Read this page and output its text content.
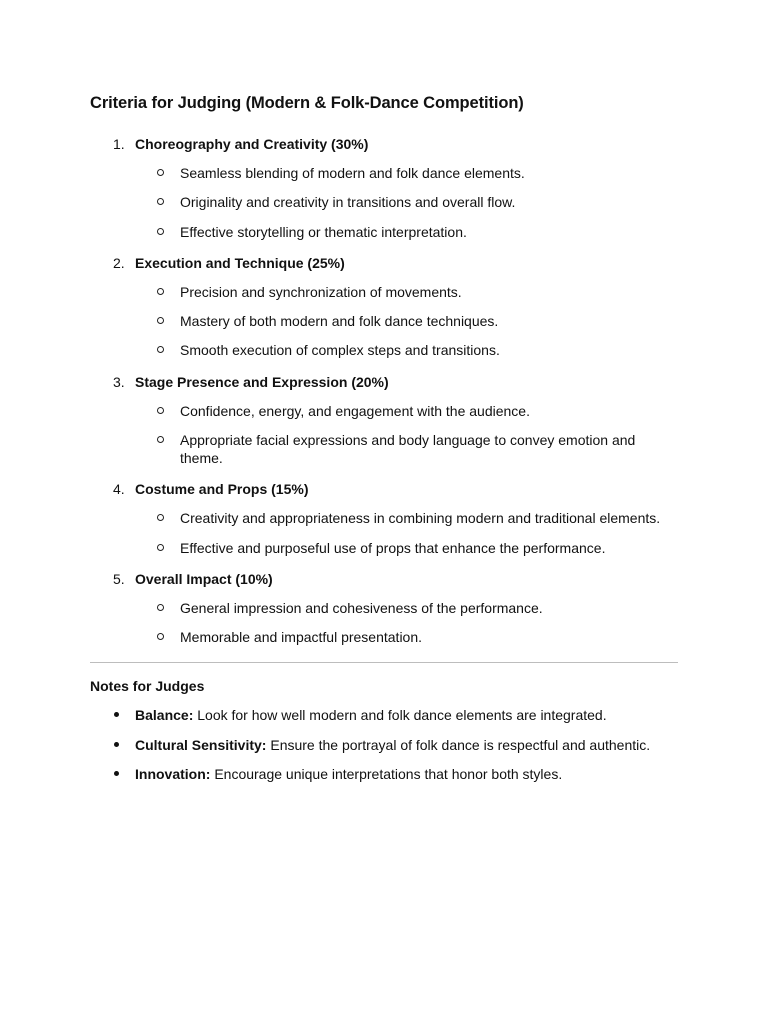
Criteria for Judging (Modern & Folk-Dance Competition)
1. Choreography and Creativity (30%)
Seamless blending of modern and folk dance elements.
Originality and creativity in transitions and overall flow.
Effective storytelling or thematic interpretation.
2. Execution and Technique (25%)
Precision and synchronization of movements.
Mastery of both modern and folk dance techniques.
Smooth execution of complex steps and transitions.
3. Stage Presence and Expression (20%)
Confidence, energy, and engagement with the audience.
Appropriate facial expressions and body language to convey emotion and theme.
4. Costume and Props (15%)
Creativity and appropriateness in combining modern and traditional elements.
Effective and purposeful use of props that enhance the performance.
5. Overall Impact (10%)
General impression and cohesiveness of the performance.
Memorable and impactful presentation.
Notes for Judges
Balance: Look for how well modern and folk dance elements are integrated.
Cultural Sensitivity: Ensure the portrayal of folk dance is respectful and authentic.
Innovation: Encourage unique interpretations that honor both styles.
